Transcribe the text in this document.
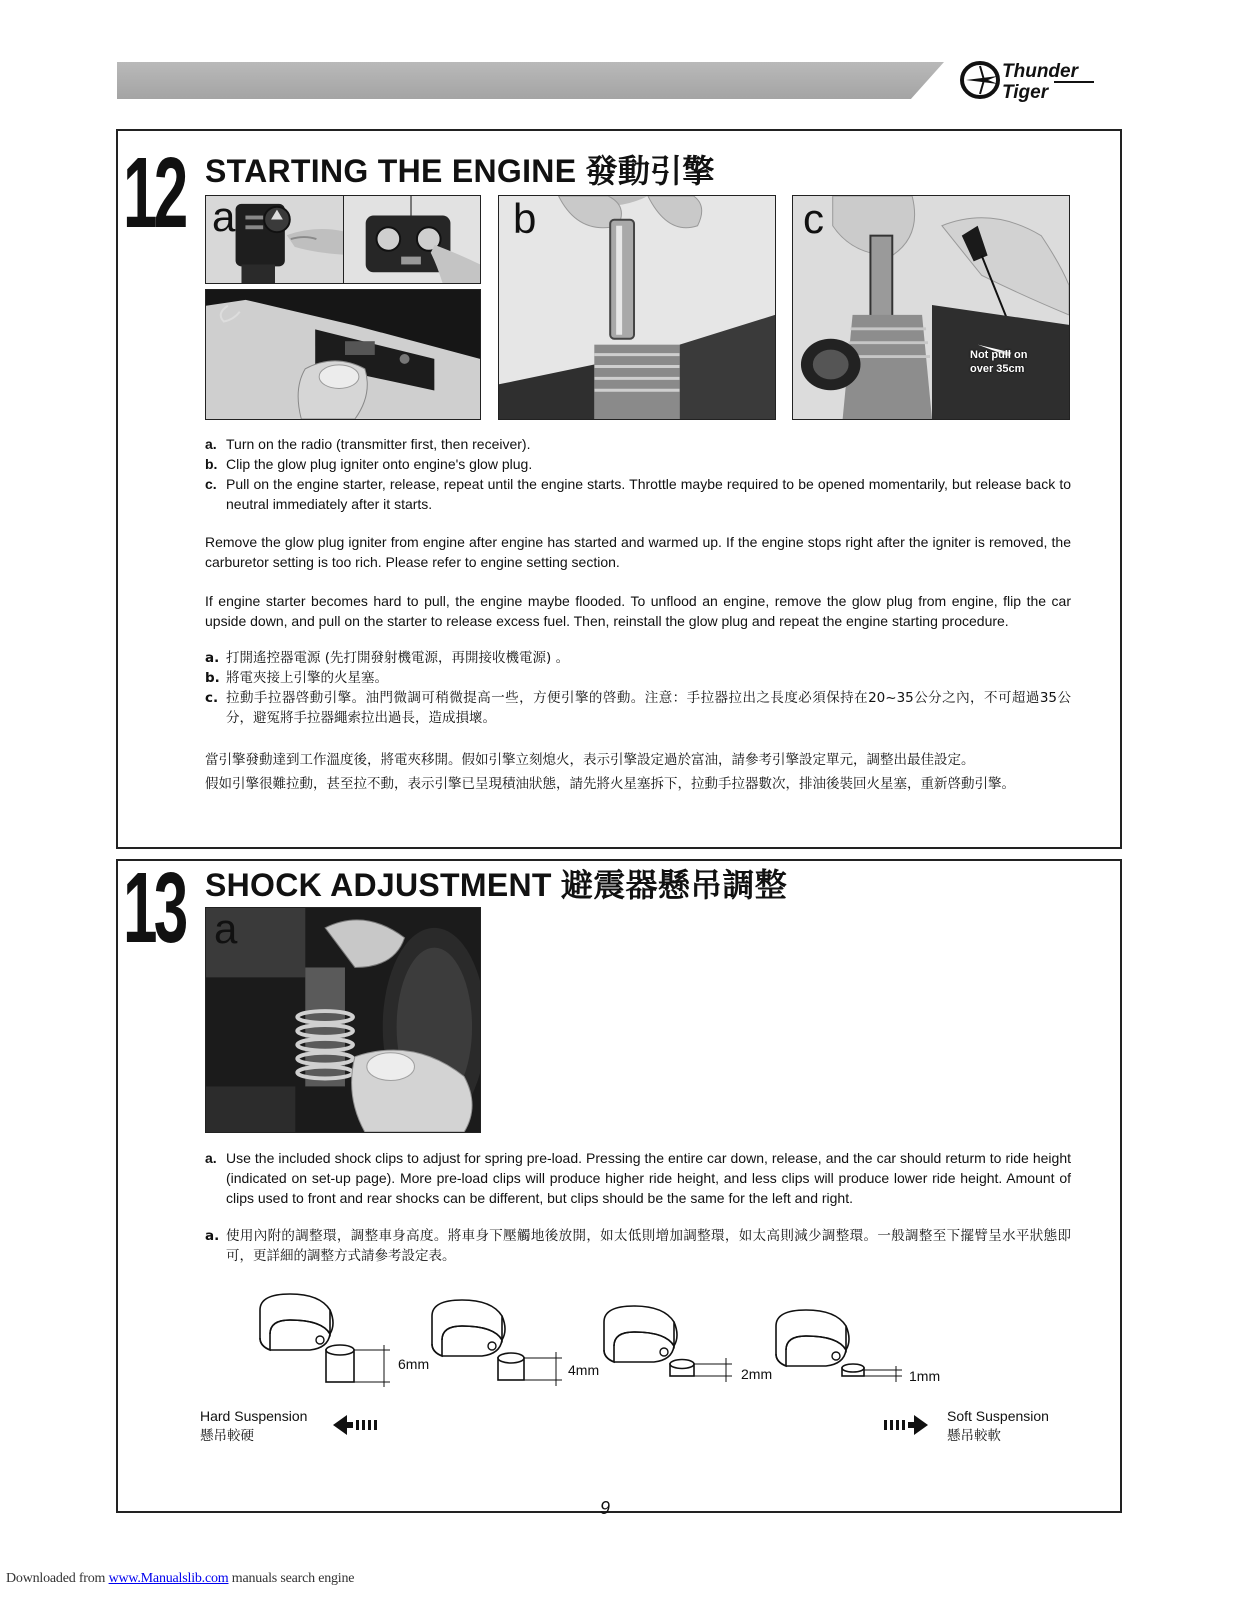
Thunder
Tiger
12 STARTING THE ENGINE 發動引擎
a	b	c
Not pull on
over 35cm
a. Turn on the radio (transmitter first, then receiver).
b. Clip the glow plug igniter onto engine's glow plug.
c. Pull on the engine starter, release, repeat until the engine starts. Throttle maybe required to be opened momentarily, but release back to neutral immediately after it starts.

Remove the glow plug igniter from engine after engine has started and warmed up. If the engine stops right after the igniter is removed, the carburetor setting is too rich. Please refer to engine setting section.

If engine starter becomes hard to pull, the engine maybe flooded. To unflood an engine, remove the glow plug from engine, flip the car upside down, and pull on the starter to release excess fuel. Then, reinstall the glow plug and repeat the engine starting procedure.

a. 打開遙控器電源 (先打開發射機電源，再開接收機電源) 。
b. 將電夾接上引擎的火星塞。
c. 拉動手拉器啓動引擎。油門微調可稍微提高一些，方便引擎的啓動。注意：手拉器拉出之長度必須保持在20~35公分之內，不可超過35公分，避冤將手拉器繩索拉出過長，造成損壞。

當引擎發動達到工作溫度後，將電夾移開。假如引擎立刻熄火，表示引擎設定過於富油，請參考引擎設定單元，調整出最佳設定。

假如引擎很難拉動，甚至拉不動，表示引擎已呈現積油狀態，請先將火星塞拆下，拉動手拉器數次，排油後裝回火星塞，重新啓動引擎。

13 SHOCK ADJUSTMENT 避震器懸吊調整
a
a. Use the included shock clips to adjust for spring pre-load. Pressing the entire car down, release, and the car should returm to ride height (indicated on set-up page). More pre-load clips will produce higher ride height, and less clips will produce lower ride height. Amount of clips used to front and rear shocks can be different, but clips should be the same for the left and right.
a. 使用內附的調整環，調整車身高度。將車身下壓觸地後放開，如太低則增加調整環，如太高則減少調整環。一般調整至下擺臂呈水平狀態即可，更詳細的調整方式請參考設定表。
6mm	4mm	2mm	1mm
Hard Suspension
懸吊較硬
Soft Suspension
懸吊較軟
9
Downloaded from www.Manualslib.com manuals search engine
